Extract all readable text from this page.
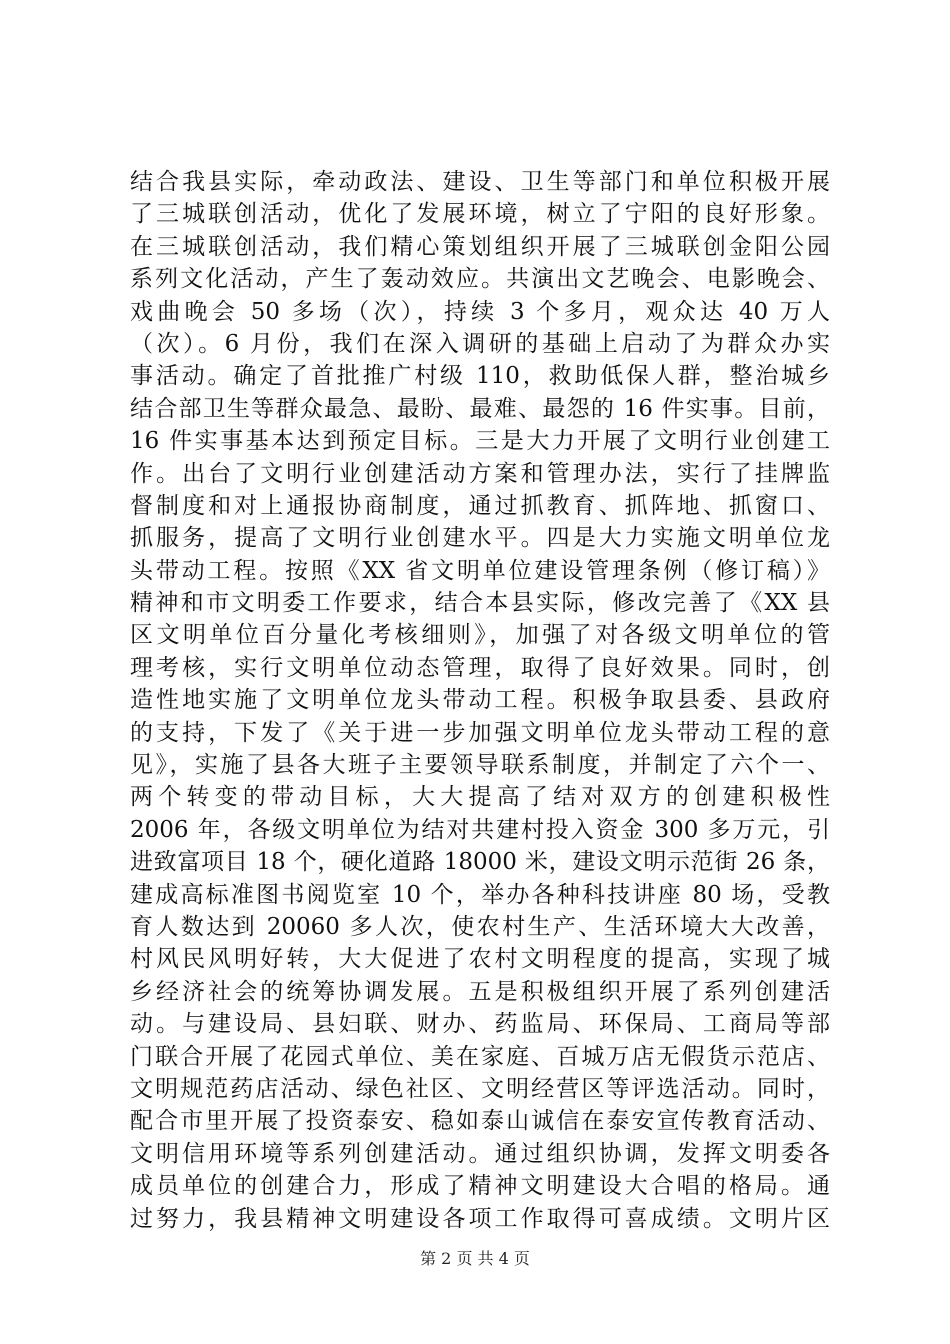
结合我县实际，牵动政法、建设、卫生等部门和单位积极开展
了三城联创活动，优化了发展环境，树立了宁阳的良好形象。
在三城联创活动，我们精心策划组织开展了三城联创金阳公园
系列文化活动，产生了轰动效应。共演出文艺晚会、电影晚会、
戏曲晚会 50 多场（次），持续 3 个多月，观众达 40 万人
（次）。6 月份，我们在深入调研的基础上启动了为群众办实
事活动。确定了首批推广村级 110，救助低保人群，整治城乡
结合部卫生等群众最急、最盼、最难、最怨的 16 件实事。目前，
16 件实事基本达到预定目标。三是大力开展了文明行业创建工
作。出台了文明行业创建活动方案和管理办法，实行了挂牌监
督制度和对上通报协商制度，通过抓教育、抓阵地、抓窗口、
抓服务，提高了文明行业创建水平。四是大力实施文明单位龙
头带动工程。按照《XX 省文明单位建设管理条例（修订稿）》
精神和市文明委工作要求，结合本县实际，修改完善了《XX 县
区文明单位百分量化考核细则》，加强了对各级文明单位的管
理考核，实行文明单位动态管理，取得了良好效果。同时，创
造性地实施了文明单位龙头带动工程。积极争取县委、县政府
的支持，下发了《关于进一步加强文明单位龙头带动工程的意
见》，实施了县各大班子主要领导联系制度，并制定了六个一、
两个转变的带动目标，大大提高了结对双方的创建积极性
2006 年，各级文明单位为结对共建村投入资金 300 多万元，引
进致富项目 18 个，硬化道路 18000 米，建设文明示范街 26 条，
建成高标准图书阅览室 10 个，举办各种科技讲座 80 场，受教
育人数达到 20060 多人次，使农村生产、生活环境大大改善，
村风民风明好转，大大促进了农村文明程度的提高，实现了城
乡经济社会的统筹协调发展。五是积极组织开展了系列创建活
动。与建设局、县妇联、财办、药监局、环保局、工商局等部
门联合开展了花园式单位、美在家庭、百城万店无假货示范店、
文明规范药店活动、绿色社区、文明经营区等评选活动。同时，
配合市里开展了投资泰安、稳如泰山诚信在泰安宣传教育活动、
文明信用环境等系列创建活动。通过组织协调，发挥文明委各
成员单位的创建合力，形成了精神文明建设大合唱的格局。通
过努力，我县精神文明建设各项工作取得可喜成绩。文明片区

第 2 页 共 4 页
